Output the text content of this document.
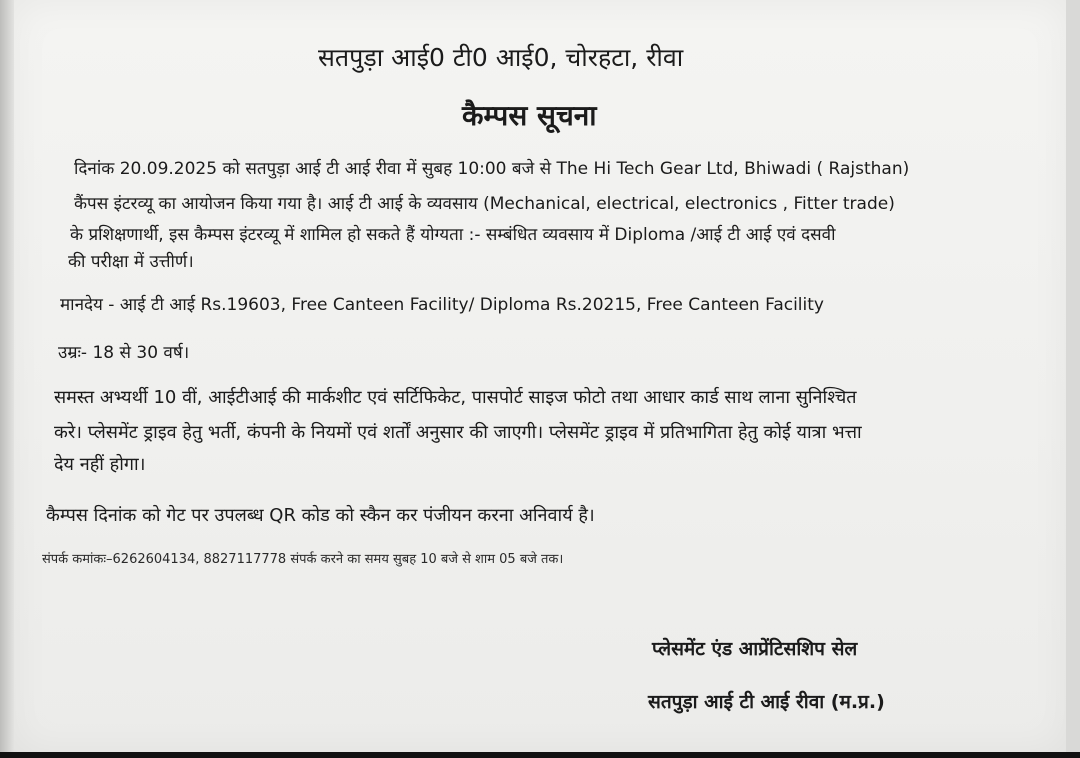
सतपुड़ा आई0 टी0 आई0, चोरहटा, रीवा
कैम्पस सूचना
दिनांक 20.09.2025 को सतपुड़ा आई टी आई रीवा में सुबह 10:00 बजे से The Hi Tech Gear Ltd, Bhiwadi ( Rajsthan)
कैंपस इंटरव्यू का आयोजन किया गया है। आई टी आई के व्यवसाय (Mechanical, electrical, electronics , Fitter trade)
के प्रशिक्षणार्थी, इस कैम्पस इंटरव्यू में शामिल हो सकते हैं योग्यता :- सम्बंधित व्यवसाय में Diploma /आई टी आई एवं दसवी
की परीक्षा में उत्तीर्ण।
मानदेय - आई टी आई Rs.19603, Free Canteen Facility/ Diploma Rs.20215, Free Canteen Facility
उम्रः- 18 से 30 वर्ष।
समस्त अभ्यर्थी 10 वीं, आईटीआई की मार्कशीट एवं सर्टिफिकेट, पासपोर्ट साइज फोटो तथा आधार कार्ड साथ लाना सुनिश्चित
करे। प्लेसमेंट ड्राइव हेतु भर्ती, कंपनी के नियमों एवं शर्तों अनुसार की जाएगी। प्लेसमेंट ड्राइव में प्रतिभागिता हेतु कोई यात्रा भत्ता
देय नहीं होगा।
कैम्पस दिनांक को गेट पर उपलब्ध QR कोड को स्कैन कर पंजीयन करना अनिवार्य है।
संपर्क कमांकः–6262604134, 8827117778 संपर्क करने का समय सुबह 10 बजे से शाम 05 बजे तक।
प्लेसमेंट एंड आप्रेंटिसशिप सेल
सतपुड़ा आई टी आई रीवा (म.प्र.)
